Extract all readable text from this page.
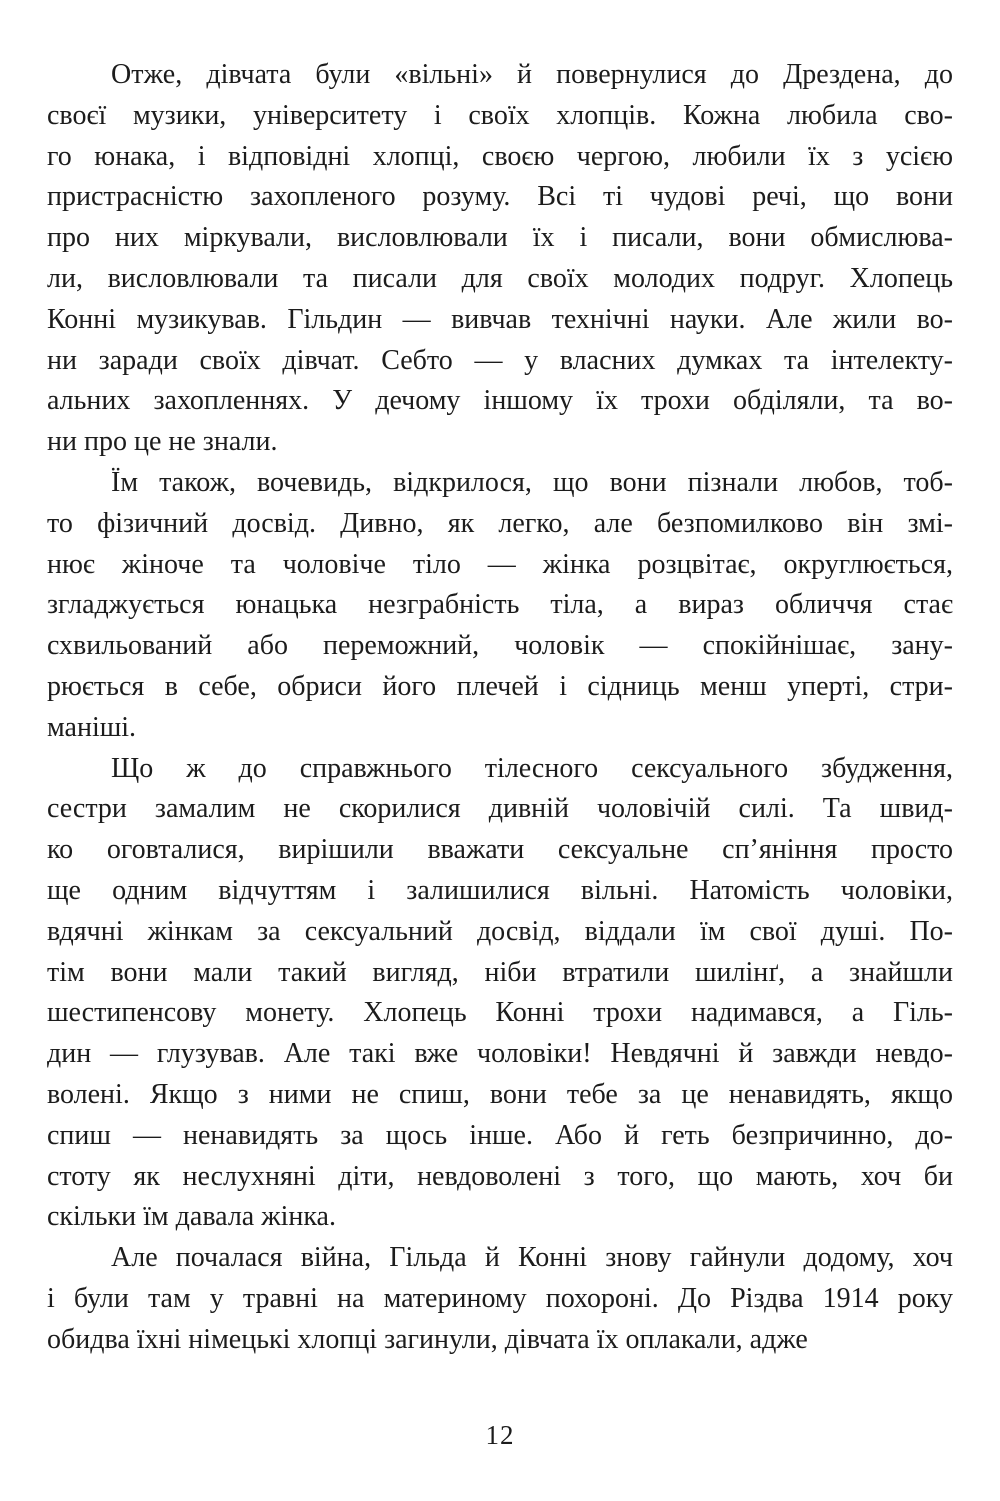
Отже, дівчата були «вільні» й повернулися до Дрездена, до
своєї музики, університету і своїх хлопців. Кожна любила сво-
го юнака, і відповідні хлопці, своєю чергою, любили їх з усією
пристрасністю захопленого розуму. Всі ті чудові речі, що вони
про них міркували, висловлювали їх і писали, вони обмислюва-
ли, висловлювали та писали для своїх молодих подруг. Хлопець
Конні музикував. Гільдин — вивчав технічні науки. Але жили во-
ни заради своїх дівчат. Себто — у власних думках та інтелекту-
альних захопленнях. У дечому іншому їх трохи обділяли, та во-
ни про це не знали.
Їм також, вочевидь, відкрилося, що вони пізнали любов, тоб-
то фізичний досвід. Дивно, як легко, але безпомилково він змі-
нює жіноче та чоловіче тіло — жінка розцвітає, округлюється,
згладжується юнацька незграбність тіла, а вираз обличчя стає
схвильований або переможний, чоловік — спокійнішає, зану-
рюється в себе, обриси його плечей і сідниць менш уперті, стри-
маніші.
Що ж до справжнього тілесного сексуального збудження,
сестри замалим не скорилися дивній чоловічій силі. Та швид-
ко оговталися, вирішили вважати сексуальне сп’яніння просто
ще одним відчуттям і залишилися вільні. Натомість чоловіки,
вдячні жінкам за сексуальний досвід, віддали їм свої душі. По-
тім вони мали такий вигляд, ніби втратили шилінґ, а знайшли
шестипенсову монету. Хлопець Конні трохи надимався, а Гіль-
дин — глузував. Але такі вже чоловіки! Невдячні й завжди невдо-
волені. Якщо з ними не спиш, вони тебе за це ненавидять, якщо
спиш — ненавидять за щось інше. Або й геть безпричинно, до-
стоту як неслухняні діти, невдоволені з того, що мають, хоч би
скільки їм давала жінка.
Але почалася війна, Гільда й Конні знову гайнули додому, хоч
і були там у травні на материному похороні. До Різдва 1914 року
обидва їхні німецькі хлопці загинули, дівчата їх оплакали, адже
12
